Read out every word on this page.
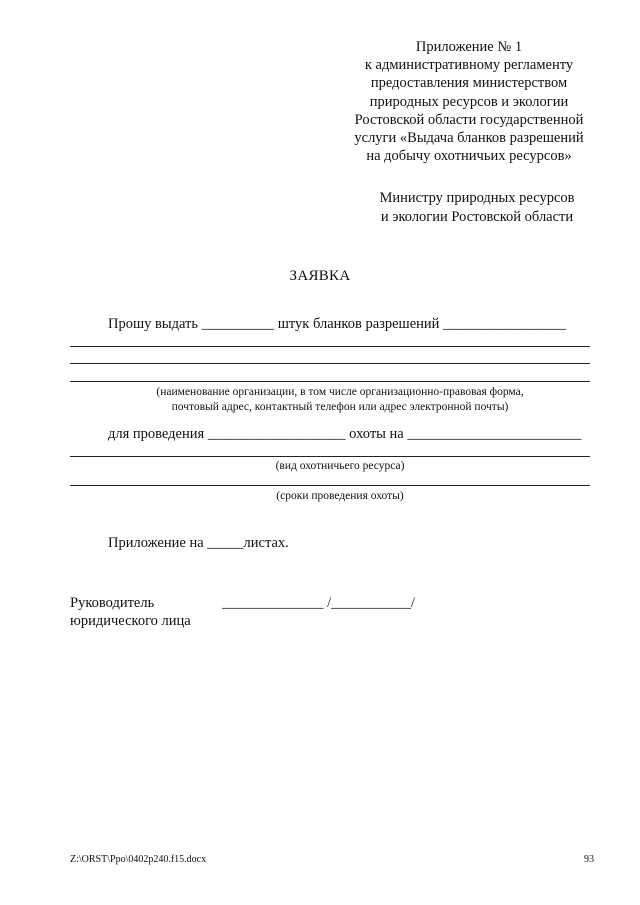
Приложение № 1
к административному регламенту
предоставления министерством
природных ресурсов и экологии
Ростовской области государственной
услуги «Выдача бланков разрешений
на добычу охотничьих ресурсов»
Министру природных ресурсов
и экологии Ростовской области
ЗАЯВКА
Прошу выдать __________ штук бланков разрешений _________________
(наименование организации, в том числе организационно-правовая форма,
почтовый адрес, контактный телефон или адрес электронной почты)
для проведения ___________________ охоты на ________________________
(вид охотничьего ресурса)
(сроки проведения охоты)
Приложение на _____листах.
Руководитель
юридического лица
______________ /___________/
Z:\ORST\Ppo\0402p240.f15.docx	93
